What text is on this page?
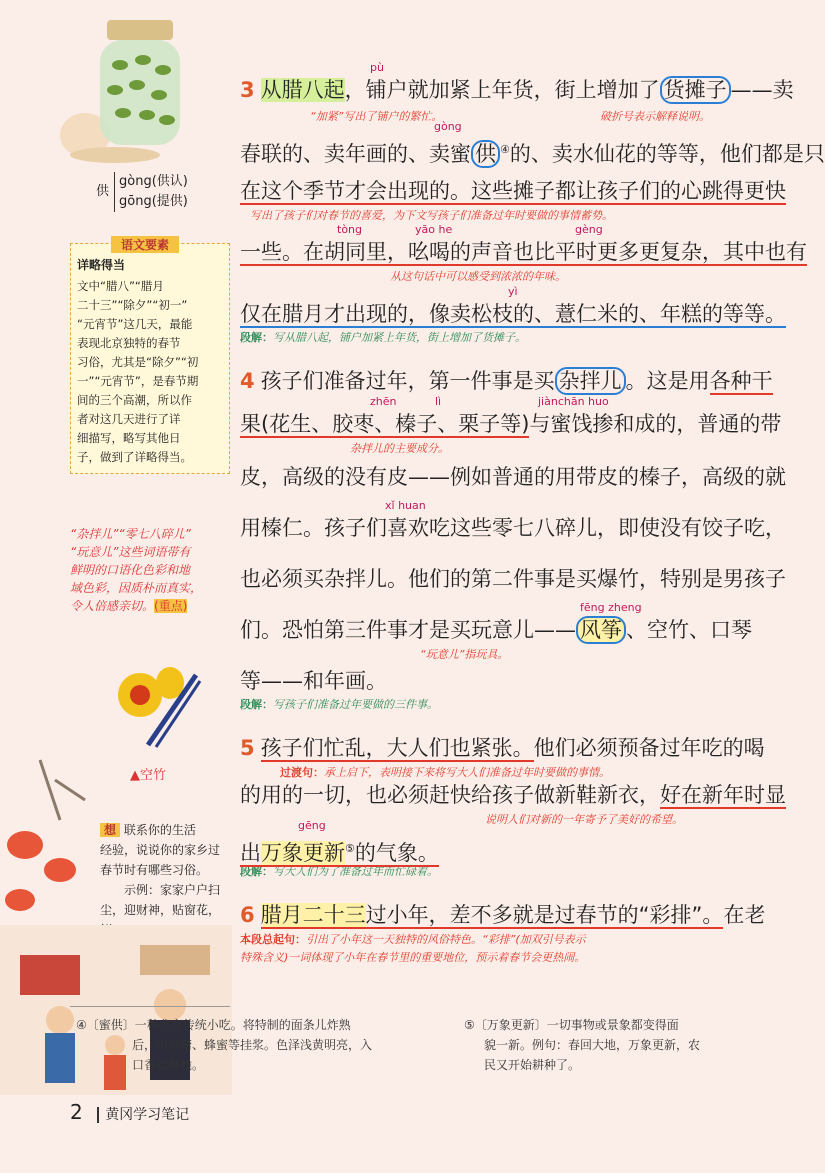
供
gòng(供认)
gōng(提供)
语文要素
详略得当
文中“腊八”“腊月
二十三”“除夕”“初一”
“元宵节”这几天，最能
表现北京独特的春节
习俗，尤其是“除夕”“初
一”“元宵节”，是春节期
间的三个高潮，所以作
者对这几天进行了详
细描写，略写其他日
子，做到了详略得当。
“杂拌儿”“零七八碎儿”
“玩意儿”这些词语带有
鲜明的口语化色彩和地
域色彩，因质朴而真实，
令人倍感亲切。(重点)
▲空竹
想 联系你的生活
经验，说说你的家乡过
春节时有哪些习俗。
示例：家家户户扫
尘，迎财神，贴窗花，
pù
3 从腊八起，铺户就加紧上年货，街上增加了 货摊子 ——卖
“加紧”写出了铺户的繁忙。	破折号表示解释说明。
gòng
春联的、卖年画的、卖蜜 供 ④的、卖水仙花的等等，他们都是只
在这个季节才会出现的。这些摊子都让孩子们的心跳得更快
写出了孩子们对春节的喜爱，为下文写孩子们准备过年时要做的事情蓄势。
tòng	yāo he	gèng
一些。在胡同里，吆喝的声音也比平时更多更复杂，其中也有
从这句话中可以感受到浓浓的年味。
yì
仅在腊月才出现的，像卖松枝的、薏仁米的、年糕的等等。
段解：写从腊八起，铺户加紧上年货，街上增加了货摊子。
4 孩子们准备过年，第一件事是买 杂拌儿 。这是用各种干
zhēn	lì	jiànchān huo
果(花生、胶枣、榛子、栗子等)与蜜饯掺和成的，普通的带
杂拌儿的主要成分。
皮，高级的没有皮——例如普通的用带皮的榛子，高级的就
xǐ huan
用榛仁。孩子们喜欢吃这些零七八碎儿，即使没有饺子吃，
也必须买杂拌儿。他们的第二件事是买爆竹，特别是男孩子
fēng zheng
们。恐怕第三件事才是买玩意儿—— 风筝 、空竹、口琴
“玩意儿”指玩具。
等——和年画。
段解：写孩子们准备过年要做的三件事。
5 孩子们忙乱，大人们也紧张。他们必须预备过年吃的喝
过渡句：承上启下，表明接下来将写大人们准备过年时要做的事情。
的用的一切，也必须赶快给孩子做新鞋新衣，好在新年时显
说明人们对新的一年寄予了美好的希望。
gēng
出万象更新⑤的气象。
段解：写大人们为了准备过年而忙碌着。
6 腊月二十三过小年，差不多就是过春节的“彩排”。在老
本段总起句：引出了小年这一天独特的风俗特色。“彩排”(加双引号表示
特殊含义)一词体现了小年在春节里的重要地位，预示着春节会更热闹。
④〔蜜供〕一种北京传统小吃。将特制的面条儿炸熟
后，用砂糖、蜂蜜等挂浆。色泽浅黄明亮，入
口香甜酥脆。
⑤〔万象更新〕一切事物或景象都变得面
貌一新。例句：春回大地，万象更新，农
民又开始耕种了。
2 黄冈学习笔记
